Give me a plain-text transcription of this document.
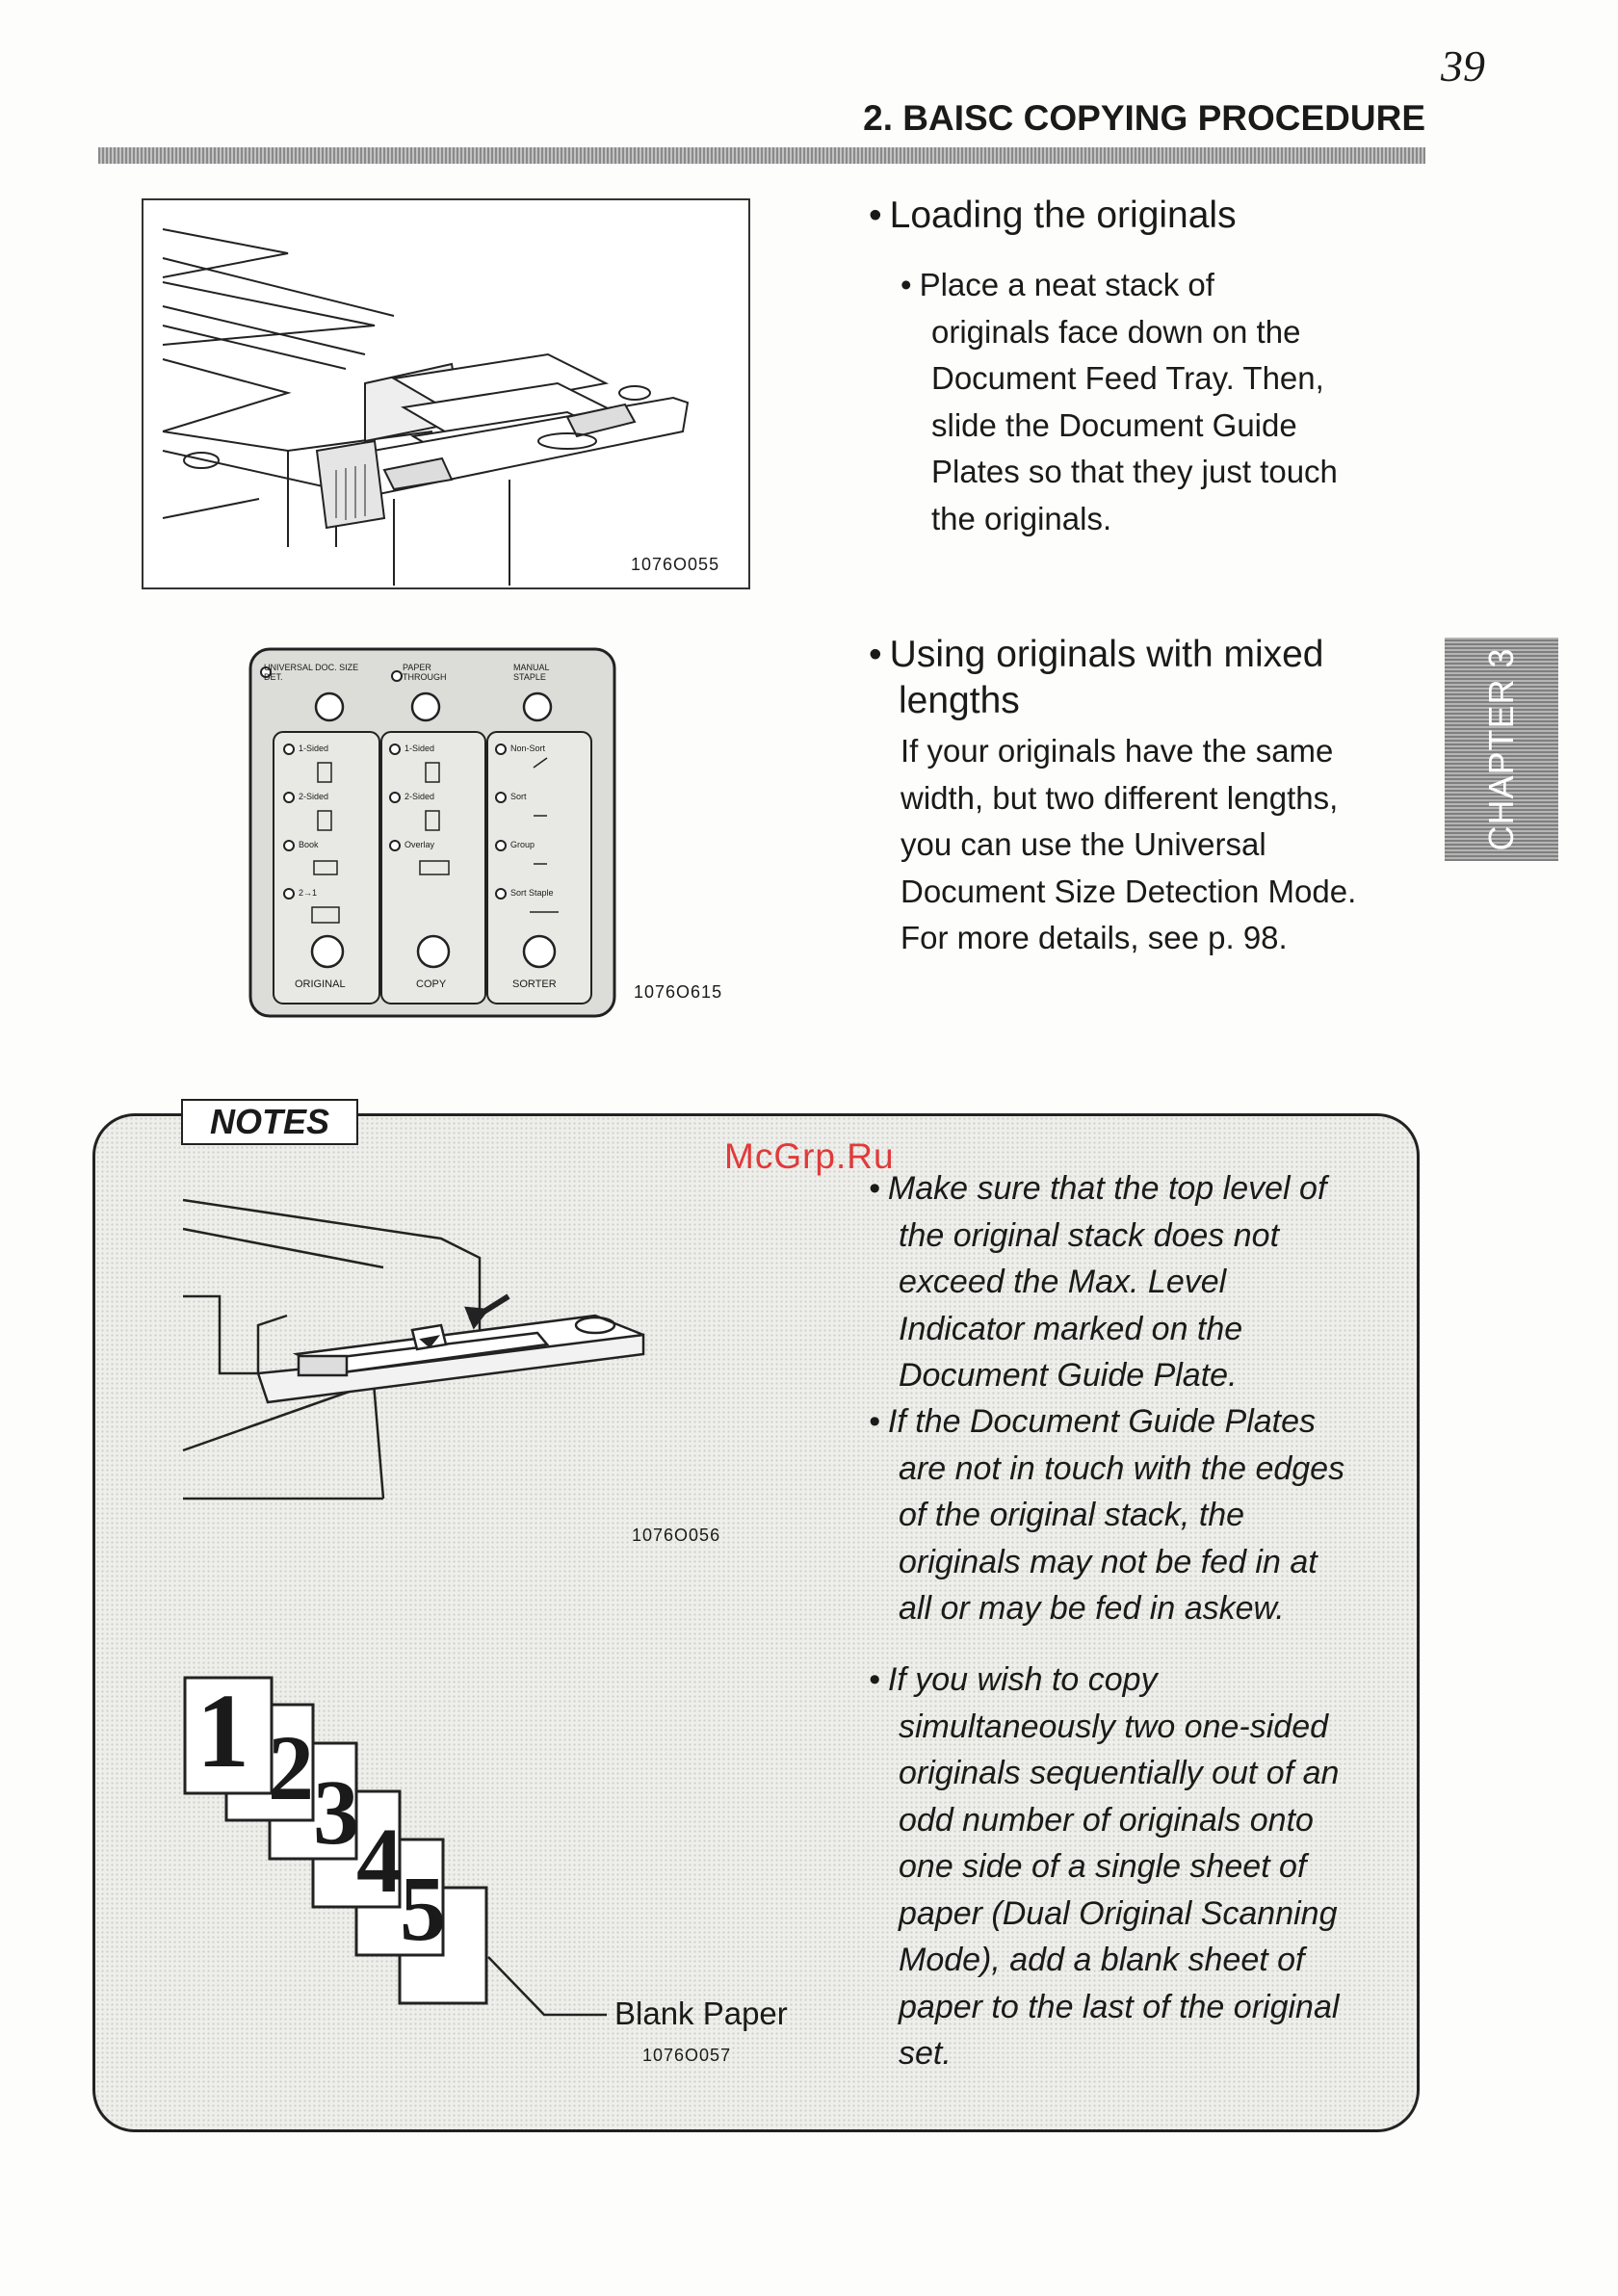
39
2. BAISC COPYING PROCEDURE
1076O055
• Loading the originals
• Place a neat stack of
originals face down on the
Document Feed Tray. Then,
slide the Document Guide
Plates so that they just touch
the originals.
UNIVERSAL DOC. SIZE DET.
PAPER THROUGH
MANUAL STAPLE
1-Sided
2-Sided
Book
2→1
1-Sided
2-Sided
Overlay
Non-Sort
Sort
Group
Sort Staple
ORIGINAL	COPY	SORTER	1076O615
• Using originals with mixed
lengths
If your originals have the same
width, but two different lengths,
you can use the Universal
Document Size Detection Mode.
For more details, see p. 98.
CHAPTER 3
NOTES
McGrp.Ru
1076O056
1 2 3
4
5
Blank Paper
1076O057
• Make sure that the top level of
the original stack does not
exceed the Max. Level
Indicator marked on the
Document Guide Plate.
• If the Document Guide Plates
are not in touch with the edges
of the original stack, the
originals may not be fed in at
all or may be fed in askew.
• If you wish to copy
simultaneously two one-sided
originals sequentially out of an
odd number of originals onto
one side of a single sheet of
paper (Dual Original Scanning
Mode), add a blank sheet of
paper to the last of the original
set.
